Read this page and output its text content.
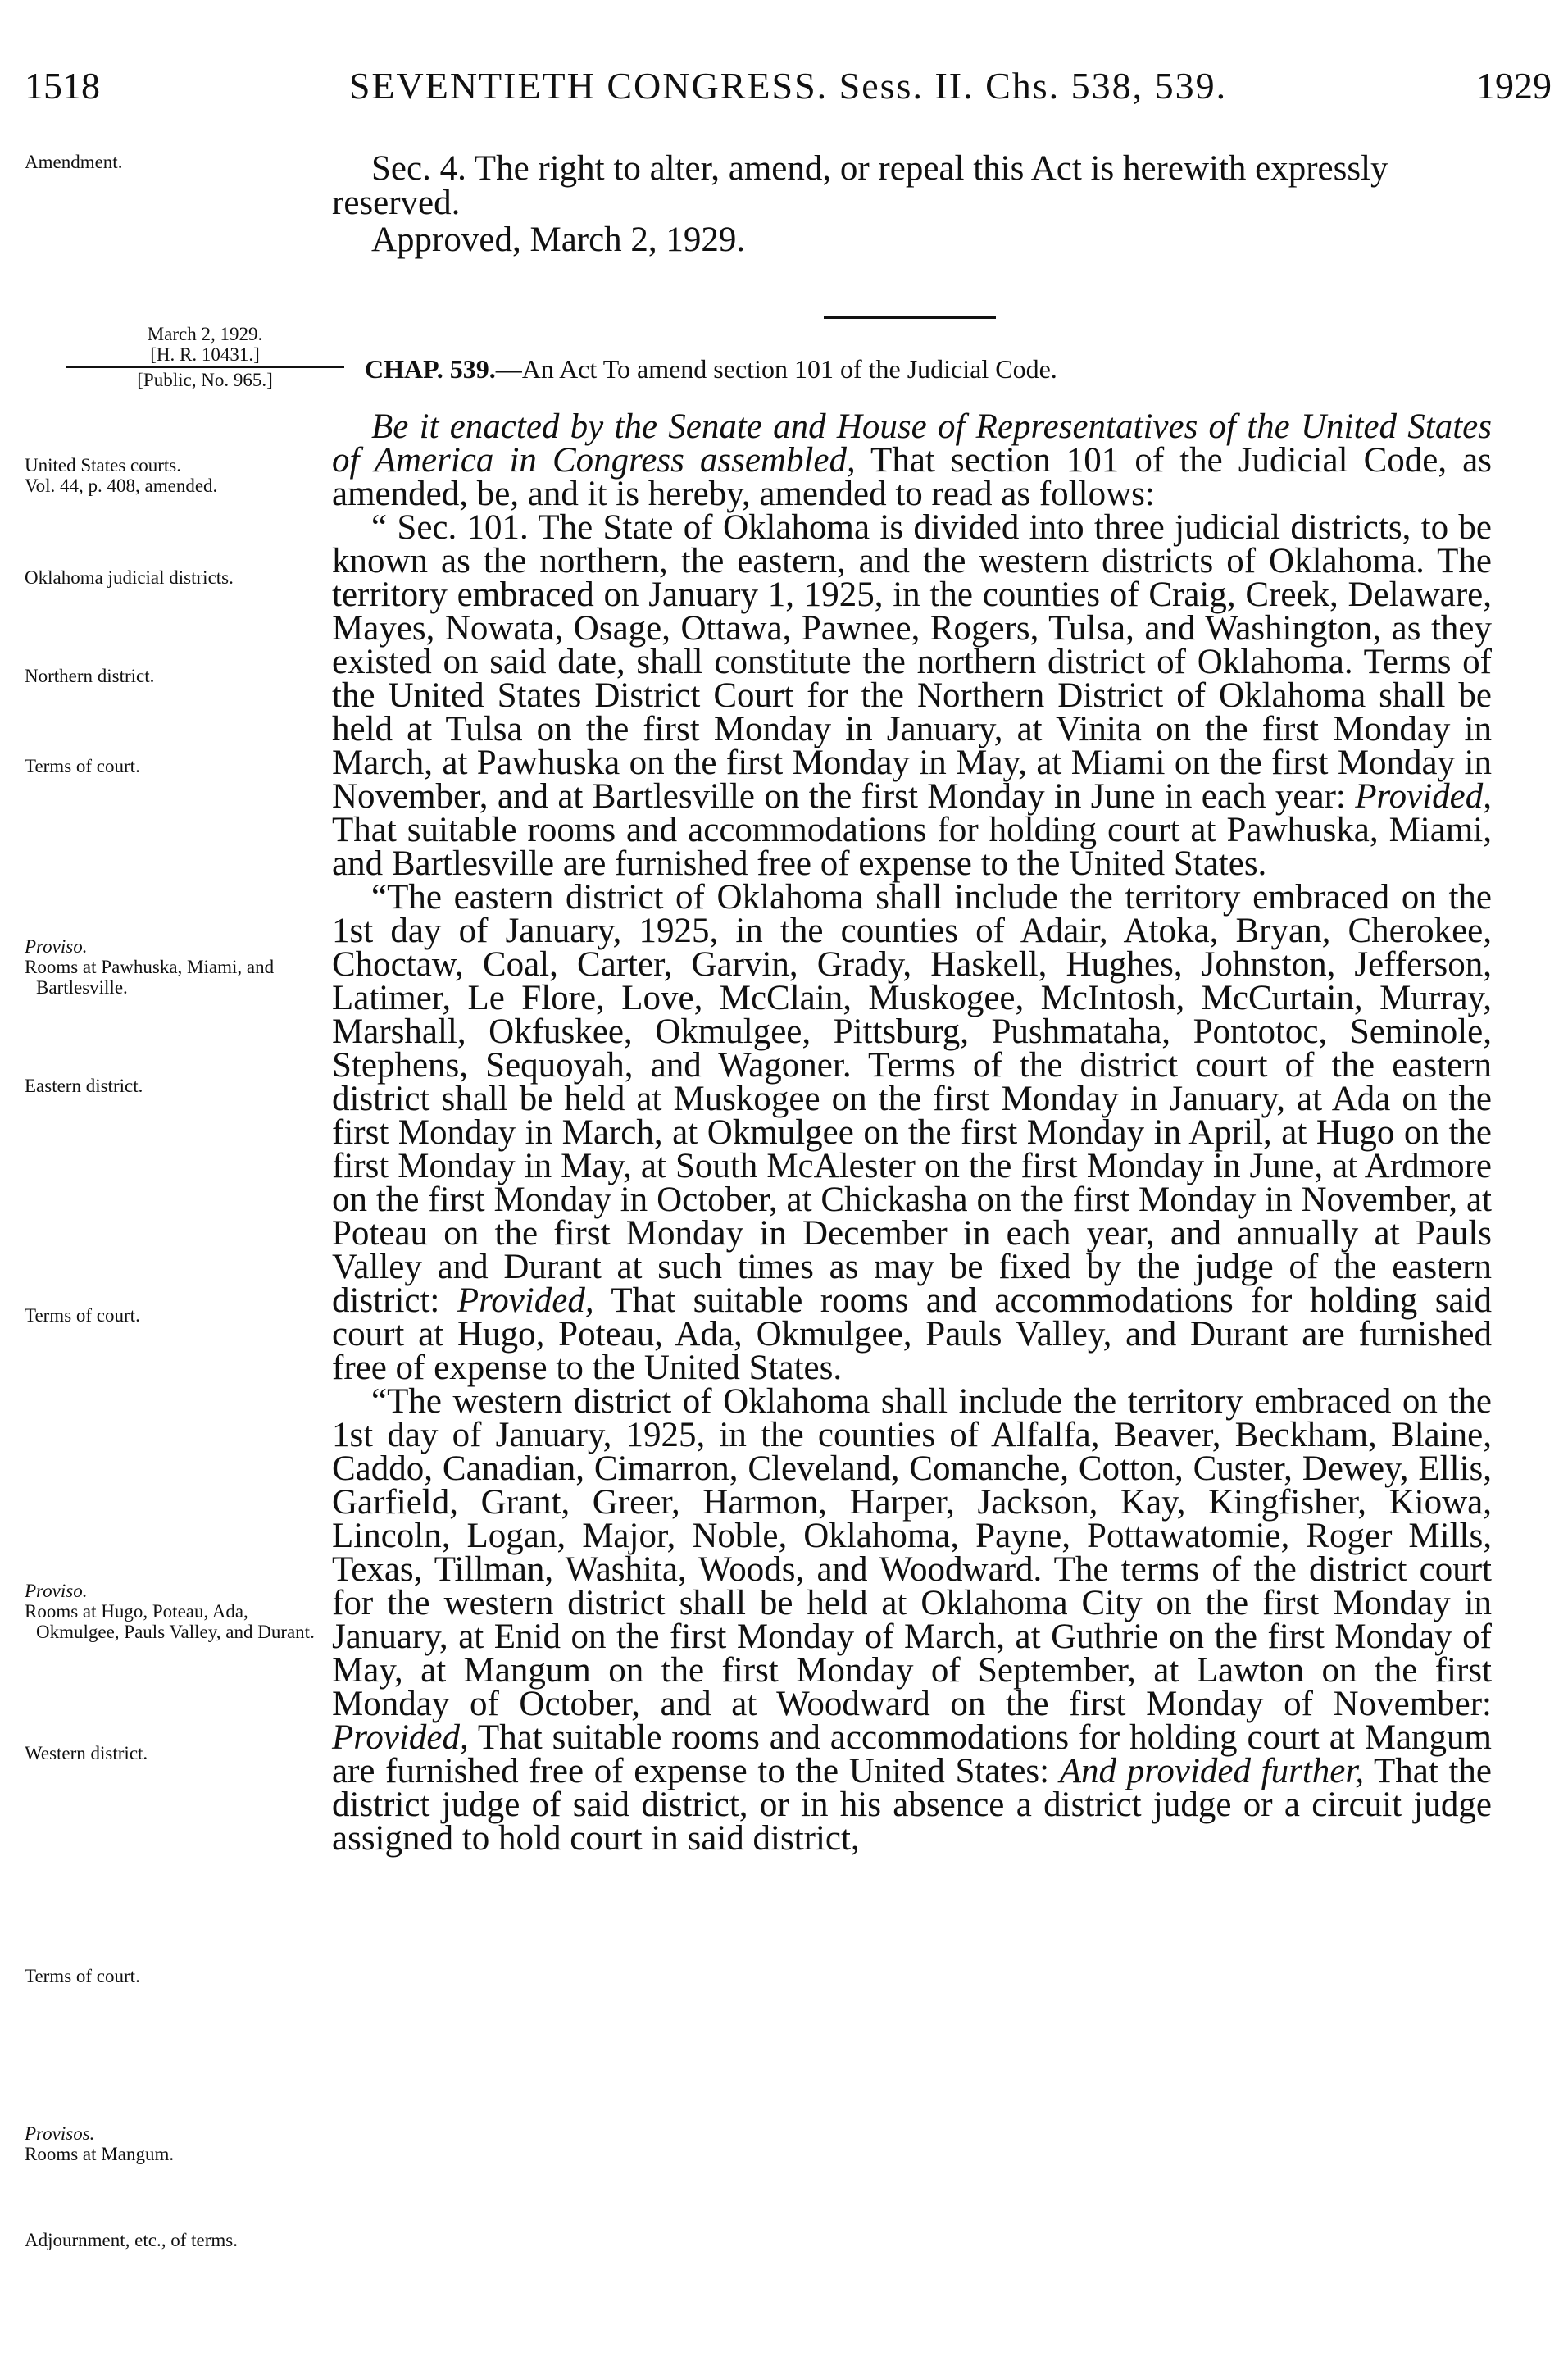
1518	SEVENTIETH CONGRESS. Sess. II. Chs. 538, 539.	1929
Amendment.	Sec. 4. The right to alter, amend, or repeal this Act is herewith expressly reserved.

Approved, March 2, 1929.
March 2, 1929.
[H. R. 10431.]
[Public, No. 965.]	CHAP. 539.—An Act To amend section 101 of the Judicial Code.
United States courts.
Vol. 44, p. 408, amended.
Oklahoma judicial districts.
Northern district.
Terms of court.
Proviso.
Rooms at Pawhuska, Miami, and Bartlesville.
Eastern district.
Terms of court.
Proviso.
Rooms at Hugo, Poteau, Ada, Okmulgee, Pauls Valley, and Durant.
Western district.
Terms of court.
Provisos.
Rooms at Mangum.
Adjournment, etc., of terms.

Be it enacted by the Senate and House of Representatives of the United States of America in Congress assembled, That section 101 of the Judicial Code, as amended, be, and it is hereby, amended to read as follows:

“ Sec. 101. The State of Oklahoma is divided into three judicial districts, to be known as the northern, the eastern, and the western districts of Oklahoma. The territory embraced on January 1, 1925, in the counties of Craig, Creek, Delaware, Mayes, Nowata, Osage, Ottawa, Pawnee, Rogers, Tulsa, and Washington, as they existed on said date, shall constitute the northern district of Oklahoma. Terms of the United States District Court for the Northern District of Oklahoma shall be held at Tulsa on the first Monday in January, at Vinita on the first Monday in March, at Pawhuska on the first Monday in May, at Miami on the first Monday in November, and at Bartlesville on the first Monday in June in each year: Provided, That suitable rooms and accommodations for holding court at Pawhuska, Miami, and Bartlesville are furnished free of expense to the United States.

“The eastern district of Oklahoma shall include the territory embraced on the 1st day of January, 1925, in the counties of Adair, Atoka, Bryan, Cherokee, Choctaw, Coal, Carter, Garvin, Grady, Haskell, Hughes, Johnston, Jefferson, Latimer, Le Flore, Love, McClain, Muskogee, McIntosh, McCurtain, Murray, Marshall, Okfuskee, Okmulgee, Pittsburg, Pushmataha, Pontotoc, Seminole, Stephens, Sequoyah, and Wagoner. Terms of the district court of the eastern district shall be held at Muskogee on the first Monday in January, at Ada on the first Monday in March, at Okmulgee on the first Monday in April, at Hugo on the first Monday in May, at South McAlester on the first Monday in June, at Ardmore on the first Monday in October, at Chickasha on the first Monday in November, at Poteau on the first Monday in December in each year, and annually at Pauls Valley and Durant at such times as may be fixed by the judge of the eastern district: Provided, That suitable rooms and accommodations for holding said court at Hugo, Poteau, Ada, Okmulgee, Pauls Valley, and Durant are furnished free of expense to the United States.

“The western district of Oklahoma shall include the territory embraced on the 1st day of January, 1925, in the counties of Alfalfa, Beaver, Beckham, Blaine, Caddo, Canadian, Cimarron, Cleveland, Comanche, Cotton, Custer, Dewey, Ellis, Garfield, Grant, Greer, Harmon, Harper, Jackson, Kay, Kingfisher, Kiowa, Lincoln, Logan, Major, Noble, Oklahoma, Payne, Pottawatomie, Roger Mills, Texas, Tillman, Washita, Woods, and Woodward. The terms of the district court for the western district shall be held at Oklahoma City on the first Monday in January, at Enid on the first Monday of March, at Guthrie on the first Monday of May, at Mangum on the first Monday of September, at Lawton on the first Monday of October, and at Woodward on the first Monday of November: Provided, That suitable rooms and accommodations for holding court at Mangum are furnished free of expense to the United States: And provided further, That the district judge of said district, or in his absence a district judge or a circuit judge assigned to hold court in said district,
